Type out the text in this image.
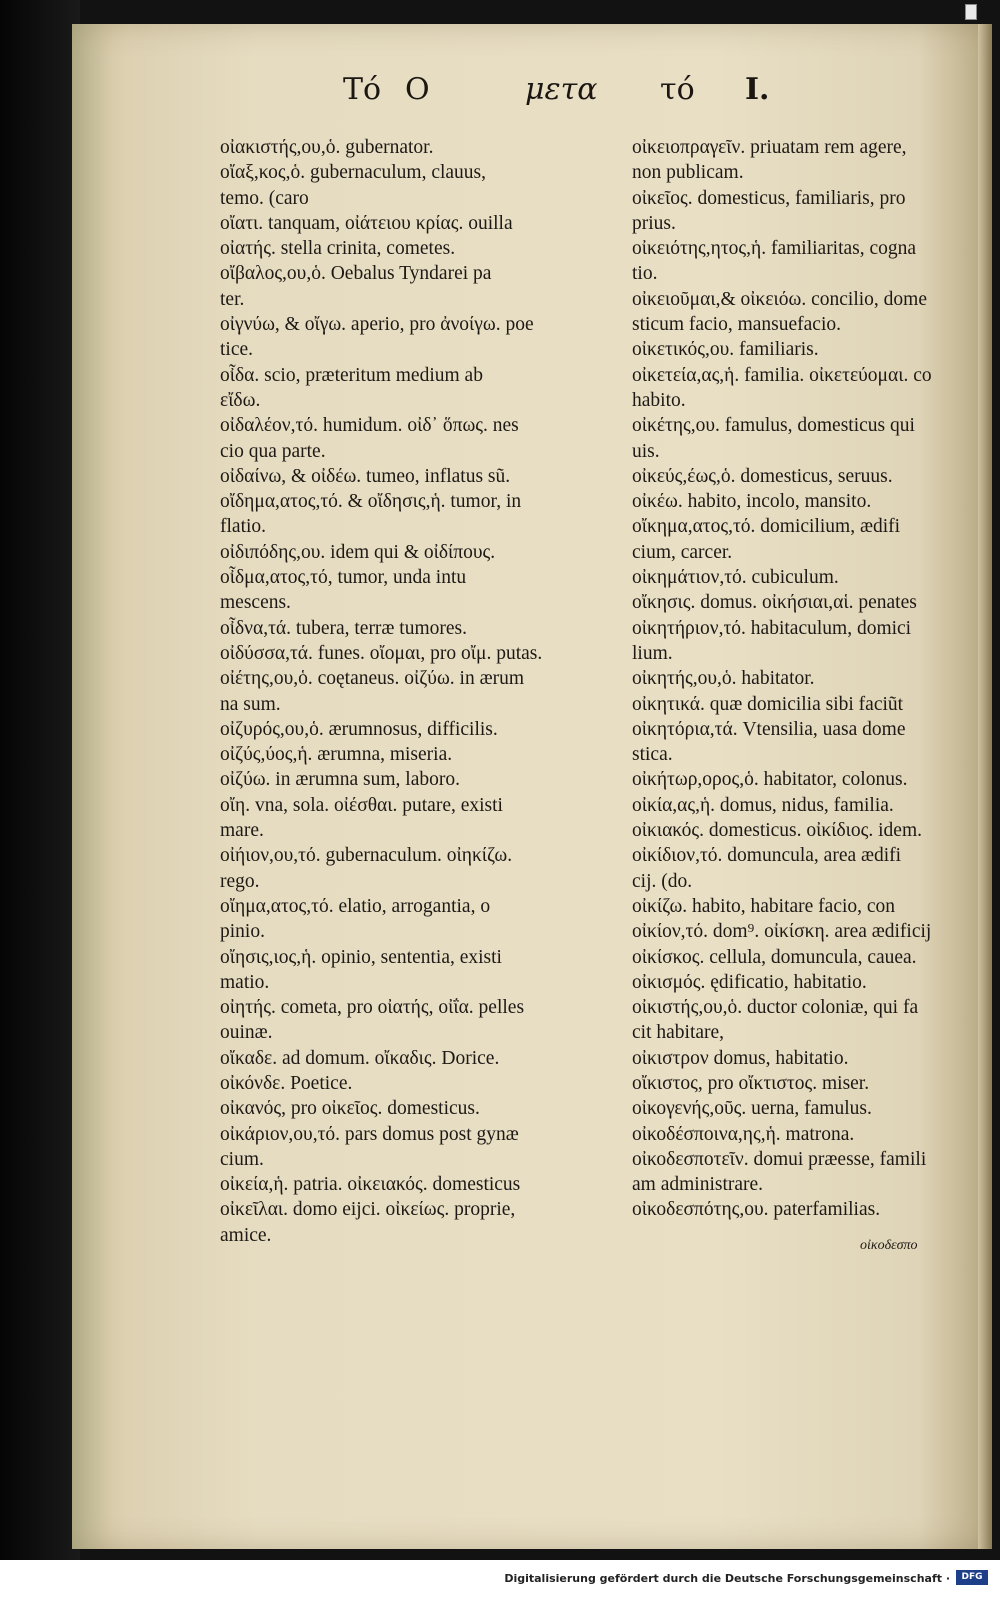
Τό Ο	μετα τό Ι.
οἰακιστής,ου,ὁ. gubernator.
οἴαξ,κος,ὁ. gubernaculum, clauus,
temo. (caro
οἴατι. tanquam, οἰάτειου κρίας. ouilla
οἰατής. stella crinita, cometes.
οἴβαλος,ου,ὁ. Oebalus Tyndarei pa
ter.
οἰγνύω, & οἴγω. aperio, pro ἀνοίγω. poe
tice.
οἶδα. scio, præteritum medium ab
εἴδω.
οἰδαλέον,τό. humidum. οἰδ᾽ ὅπως. nes
cio qua parte.
οἰδαίνω, & οἰδέω. tumeo, inflatus sũ.
οἴδημα,ατος,τό. & οἴδησις,ἡ. tumor, in
flatio.
οἰδιπόδης,ου. idem qui & οἰδίπους.
οἶδμα,ατος,τό, tumor, unda intu
mescens.
οἶδνα,τά. tubera, terræ tumores.
οἰδύσσα,τά. funes. οἴομαι, pro οἴμ. putas.
οἰέτης,ου,ὁ. coętaneus. οἰζύω. in ærum
na sum.
οἰζυρός,ου,ὁ. ærumnosus, difficilis.
οἰζύς,ύος,ἡ. ærumna, miseria.
οἰζύω. in ærumna sum, laboro.
οἴη. vna, sola. οἰέσθαι. putare, existi
mare.
οἰήιον,ου,τό. gubernaculum. οἰηκίζω.
rego.
οἴημα,ατος,τό. elatio, arrogantia, o
pinio.
οἴησις,ιος,ἡ. opinio, sententia, existi
matio.
οἰητής. cometa, pro οἰατής, οἰΐα. pelles
ouinæ.
οἴκαδε. ad domum. οἴκαδις. Dorice.
οἰκόνδε. Poetice.
οἰκανός, pro οἰκεῖος. domesticus.
οἰκάριον,ου,τό. pars domus post gynæ
cium.
οἰκεία,ἡ. patria. οἰκειακός. domesticus
οἰκεῖλαι. domo eijci. οἰκείως. proprie,
amice.
οἰκειοπραγεῖν. priuatam rem agere,
non publicam.
οἰκεῖος. domesticus, familiaris, pro
prius.
οἰκειότης,ητος,ἡ. familiaritas, cogna
tio.
οἰκειοῦμαι,& οἰκειόω. concilio, dome
sticum facio, mansuefacio.
οἰκετικός,ου. familiaris.
οἰκετεία,ας,ἡ. familia. οἰκετεύομαι. co
habito.
οἰκέτης,ου. famulus, domesticus qui
uis.
οἰκεύς,έως,ὁ. domesticus, seruus.
οἰκέω. habito, incolo, mansito.
οἴκημα,ατος,τό. domicilium, ædifi
cium, carcer.
οἰκημάτιον,τό. cubiculum.
οἴκησις. domus. οἰκήσιαι,αἱ. penates
οἰκητήριον,τό. habitaculum, domici
lium.
οἰκητής,ου,ὁ. habitator.
οἰκητικά. quæ domicilia sibi faciũt
οἰκητόρια,τά. Vtensilia, uasa dome
stica.
οἰκήτωρ,ορος,ὁ. habitator, colonus.
οἰκία,ας,ἡ. domus, nidus, familia.
οἰκιακός. domesticus. οἰκίδιος. idem.
οἰκίδιον,τό. domuncula, area ædifi
cij. (do.
οἰκίζω. habito, habitare facio, con
οἰκίον,τό. dom⁹. οἰκίσκη. area ædificij
οἰκίσκος. cellula, domuncula, cauea.
οἰκισμός. ędificatio, habitatio.
οἰκιστής,ου,ὁ. ductor coloniæ, qui fa
cit habitare,
οἰκιστρον domus, habitatio.
οἴκιστος, pro οἴκτιστος. miser.
οἰκογενής,οῦς. uerna, famulus.
οἰκοδέσποινα,ης,ἡ. matrona.
οἰκοδεσποτεῖν. domui præesse, famili
am administrare.
οἰκοδεσπότης,ου. paterfamilias.
οἰκοδεσπο
Digitalisierung gefördert durch die Deutsche Forschungsgemeinschaft ·	DFG
